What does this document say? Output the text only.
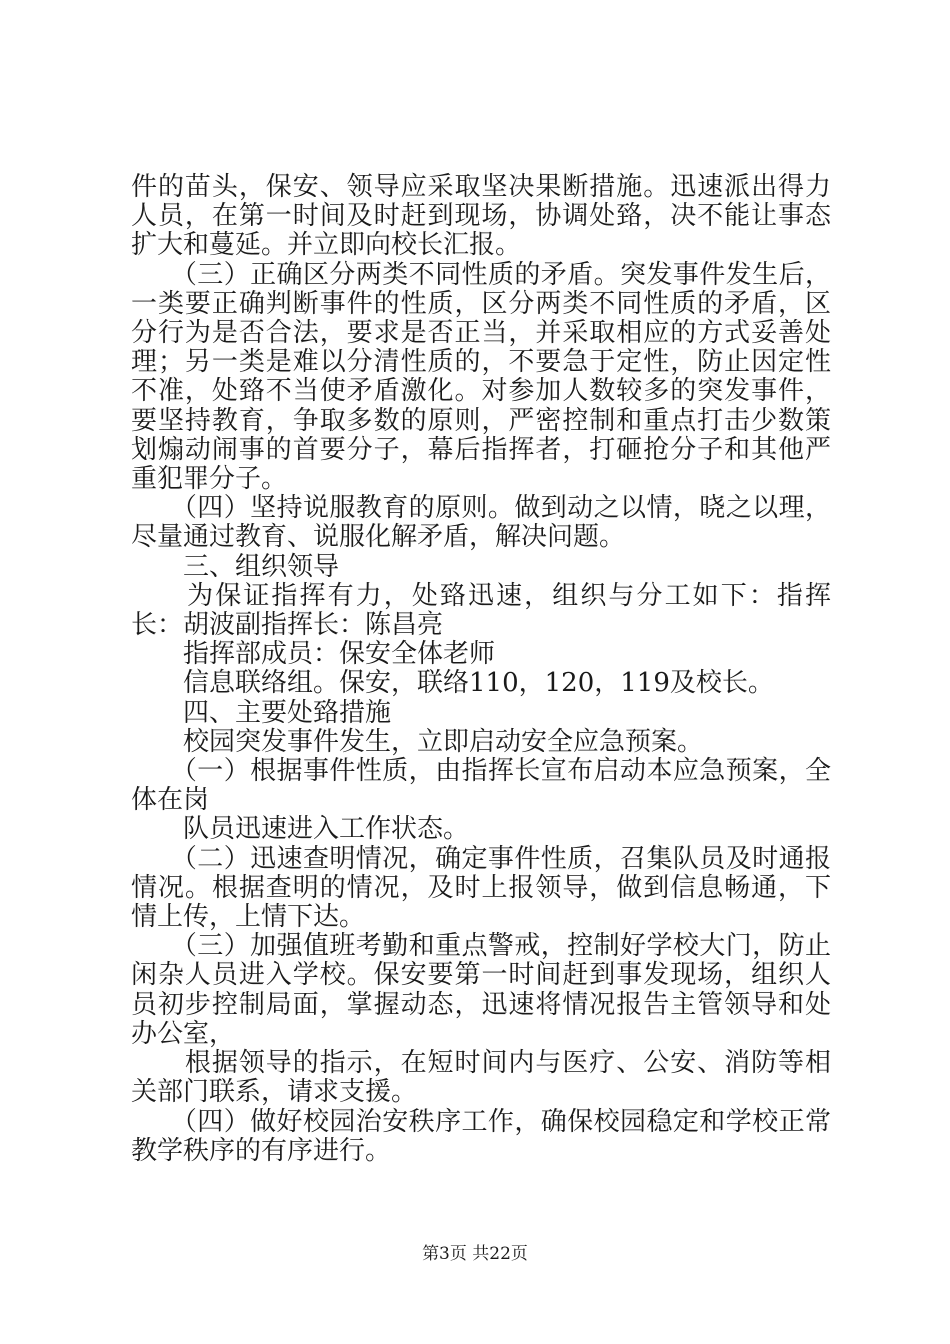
件的苗头，保安、领导应采取坚决果断措施。迅速派出得力人员，在第一时间及时赶到现场，协调处臵，决不能让事态扩大和蔓延。并立即向校长汇报。

　　（三）正确区分两类不同性质的矛盾。突发事件发生后，一类要正确判断事件的性质，区分两类不同性质的矛盾，区分行为是否合法，要求是否正当，并采取相应的方式妥善处理；另一类是难以分清性质的，不要急于定性，防止因定性不准，处臵不当使矛盾激化。对参加人数较多的突发事件，要坚持教育，争取多数的原则，严密控制和重点打击少数策划煽动闹事的首要分子，幕后指挥者，打砸抢分子和其他严重犯罪分子。

　　（四）坚持说服教育的原则。做到动之以情，晓之以理，尽量通过教育、说服化解矛盾，解决问题。

　　三、组织领导

　　为保证指挥有力，处臵迅速，组织与分工如下：指挥长：胡波副指挥长：陈昌亮

　　指挥部成员：保安全体老师

　　信息联络组。保安，联络110，120，119及校长。

　　四、主要处臵措施

　　校园突发事件发生，立即启动安全应急预案。

　　（一）根据事件性质，由指挥长宣布启动本应急预案，全体在岗

　　队员迅速进入工作状态。

　　（二）迅速查明情况，确定事件性质，召集队员及时通报情况。根据查明的情况，及时上报领导，做到信息畅通，下情上传，上情下达。

　　（三）加强值班考勤和重点警戒，控制好学校大门，防止闲杂人员进入学校。保安要第一时间赶到事发现场，组织人员初步控制局面，掌握动态，迅速将情况报告主管领导和处办公室，

　　根据领导的指示，在短时间内与医疗、公安、消防等相关部门联系，请求支援。

　　（四）做好校园治安秩序工作，确保校园稳定和学校正常教学秩序的有序进行。

第3页 共22页
